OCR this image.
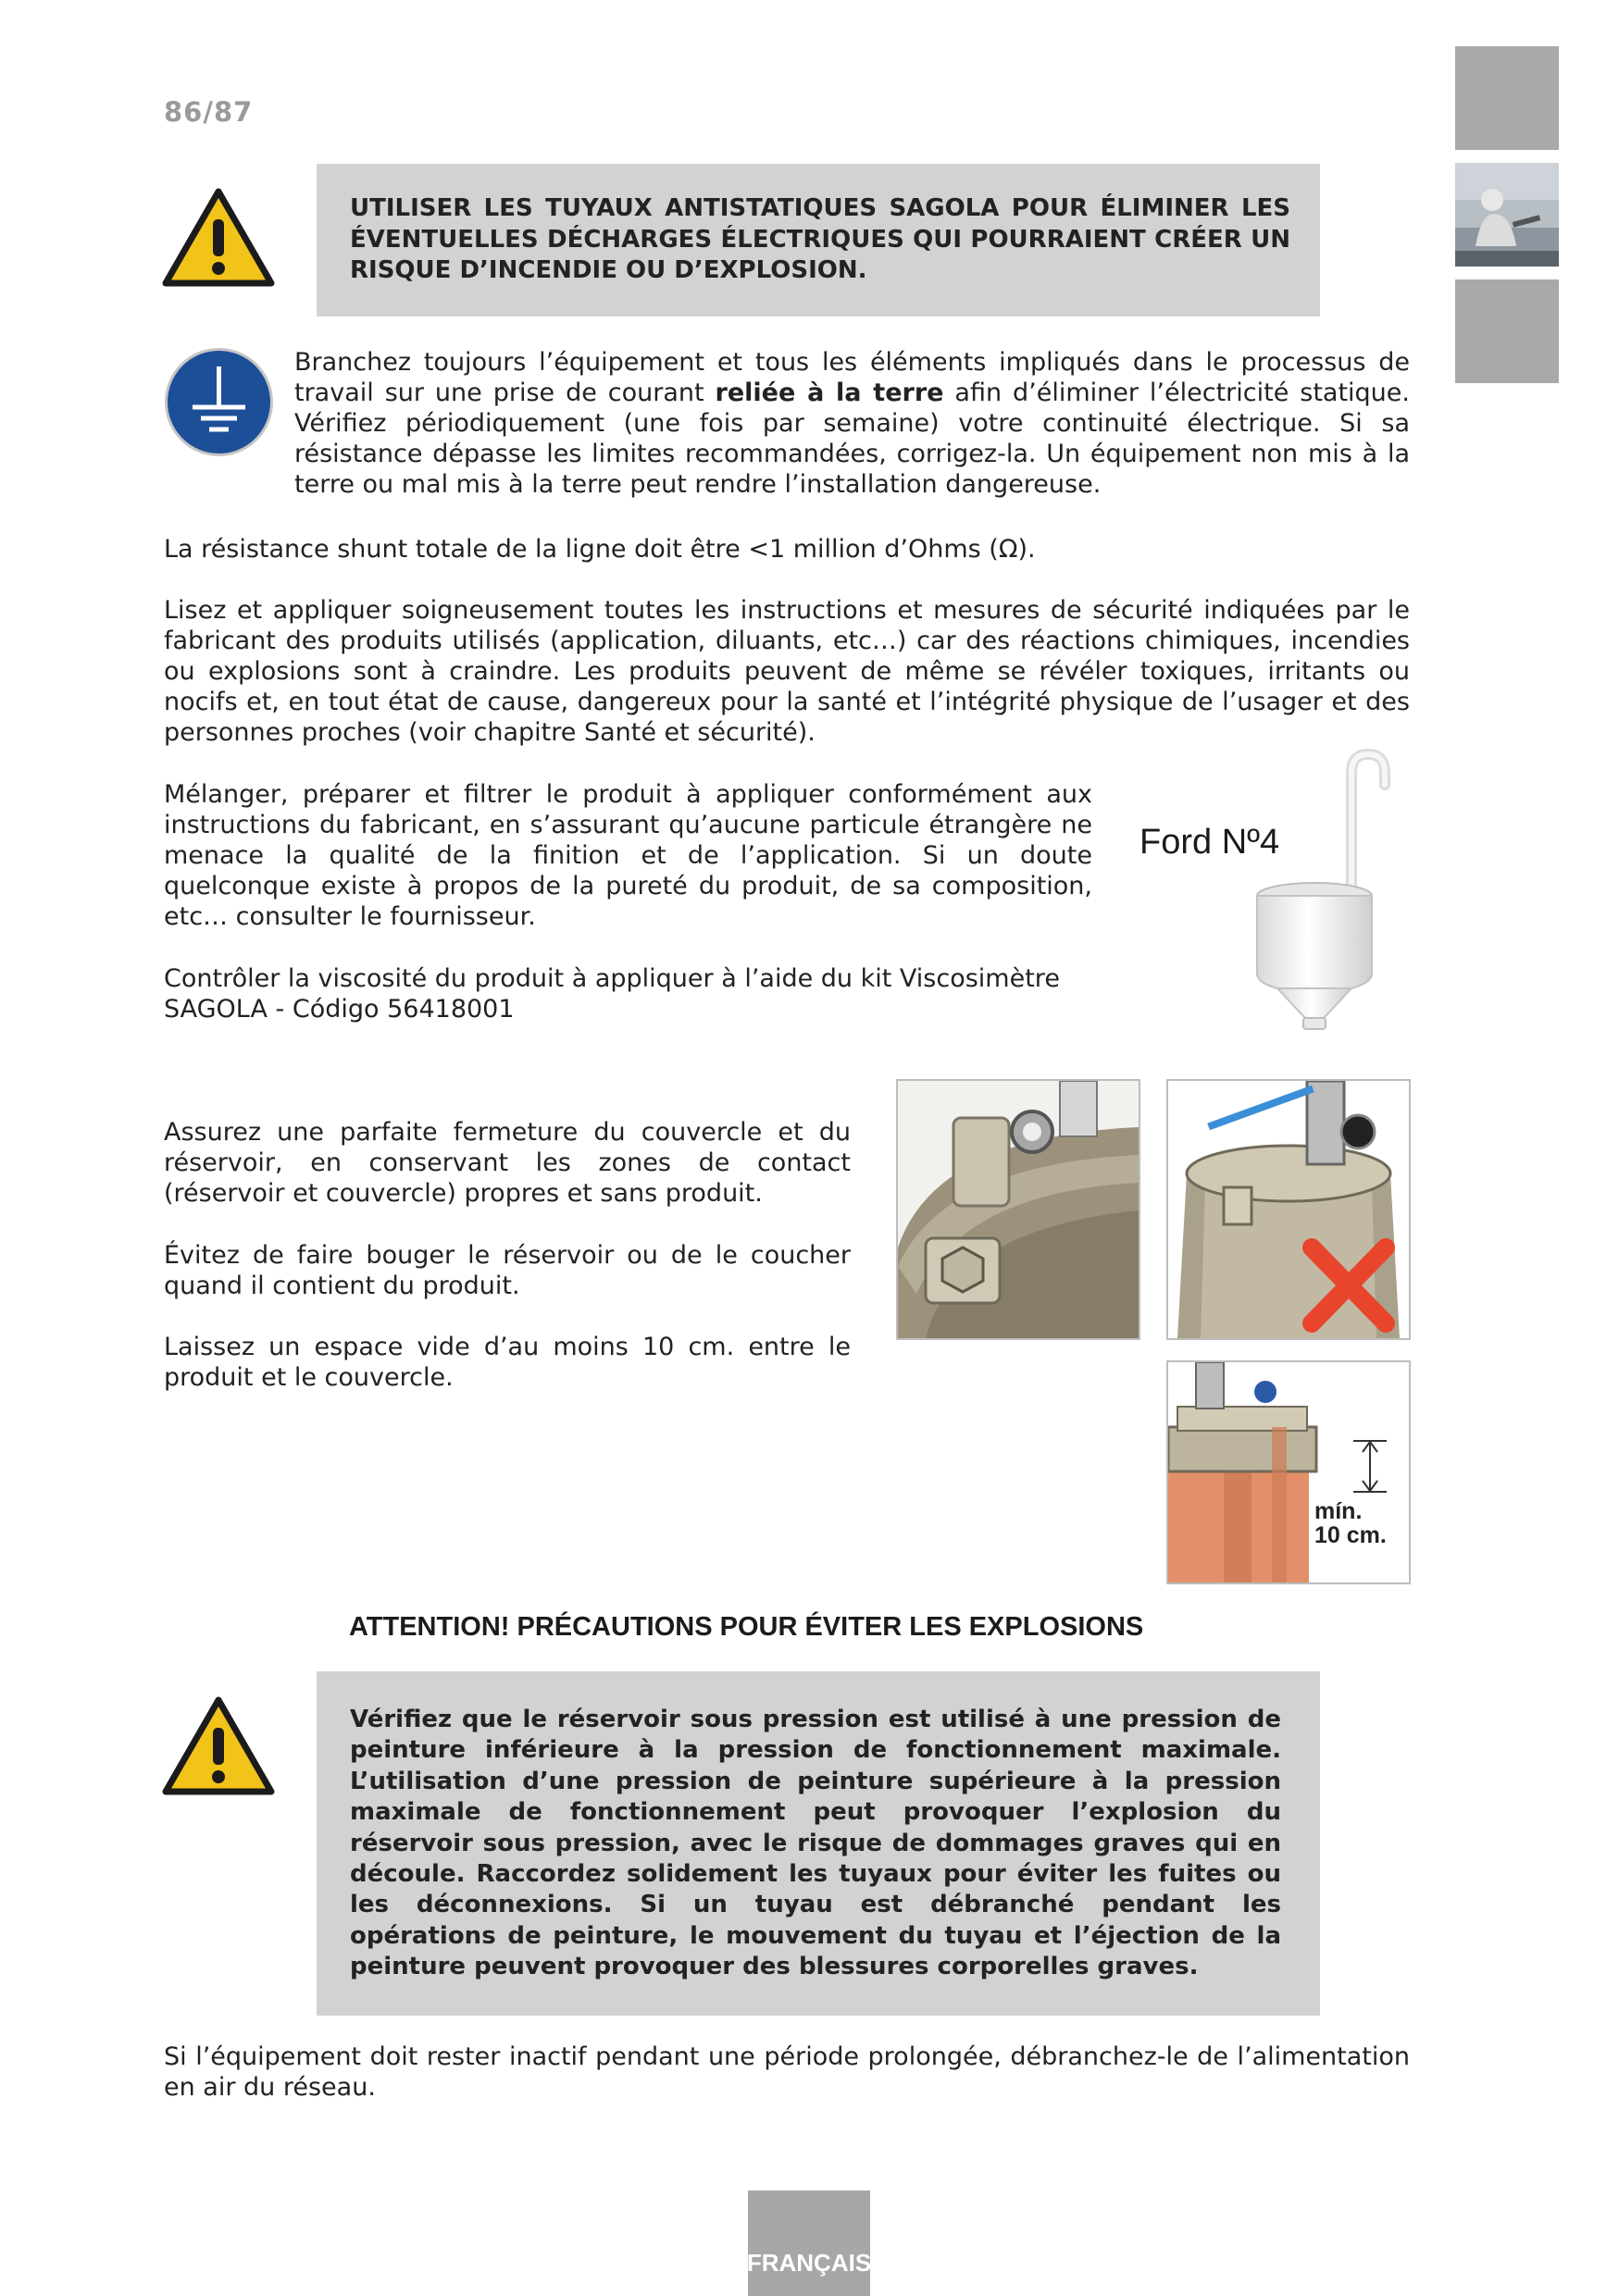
86/87
UTILISER LES TUYAUX ANTISTATIQUES SAGOLA POUR ÉLIMINER LES ÉVENTUELLES DÉCHARGES ÉLECTRIQUES QUI POURRAIENT CRÉER UN RISQUE D’INCENDIE OU D’EXPLOSION.
Branchez toujours l’équipement et tous les éléments impliqués dans le processus de travail sur une prise de courant reliée à la terre afin d’éliminer l’électricité statique. Vérifiez périodiquement (une fois par semaine) votre continuité électrique. Si sa résistance dépasse les limites recommandées, corrigez-la. Un équipement non mis à la terre ou mal mis à la terre peut rendre l’installation dangereuse.
La résistance shunt totale de la ligne doit être <1 million d’Ohms (Ω).
Lisez et appliquer soigneusement toutes les instructions et mesures de sécurité indiquées par le fabricant des produits utilisés (application, diluants, etc…) car des réactions chimiques, incendies ou explosions sont à craindre. Les produits peuvent de même se révéler toxiques, irritants ou nocifs et, en tout état de cause, dangereux pour la santé et l’intégrité physique de l’usager et des personnes proches (voir chapitre Santé et sécurité).
Mélanger, préparer et filtrer le produit à appliquer conformément aux instructions du fabricant, en s’assurant qu’aucune particule étrangère ne menace la qualité de la finition et de l’application. Si un doute quelconque existe à propos de la pureté du produit, de sa composition, etc… consulter le fournisseur.
Contrôler la viscosité du produit à appliquer à l’aide du kit Viscosimètre SAGOLA - Código 56418001
Ford Nº4
Assurez une parfaite fermeture du couvercle et du réservoir, en conservant les zones de contact (réservoir et couvercle) propres et sans produit.
Évitez de faire bouger le réservoir ou de le coucher quand il contient du produit.
Laissez un espace vide d’au moins 10 cm. entre le produit et le couvercle.
mín.
10 cm.
ATTENTION! PRÉCAUTIONS POUR ÉVITER LES EXPLOSIONS
Vérifiez que le réservoir sous pression est utilisé à une pression de peinture inférieure à la pression de fonctionnement maximale. L’utilisation d’une pression de peinture supérieure à la pression maximale de fonctionnement peut provoquer l’explosion du réservoir sous pression, avec le risque de dommages graves qui en découle. Raccordez solidement les tuyaux pour éviter les fuites ou les déconnexions. Si un tuyau est débranché pendant les opérations de peinture, le mouvement du tuyau et l’éjection de la peinture peuvent provoquer des blessures corporelles graves.
Si l’équipement doit rester inactif pendant une période prolongée, débranchez-le de l’alimentation en air du réseau.
FRANÇAIS
